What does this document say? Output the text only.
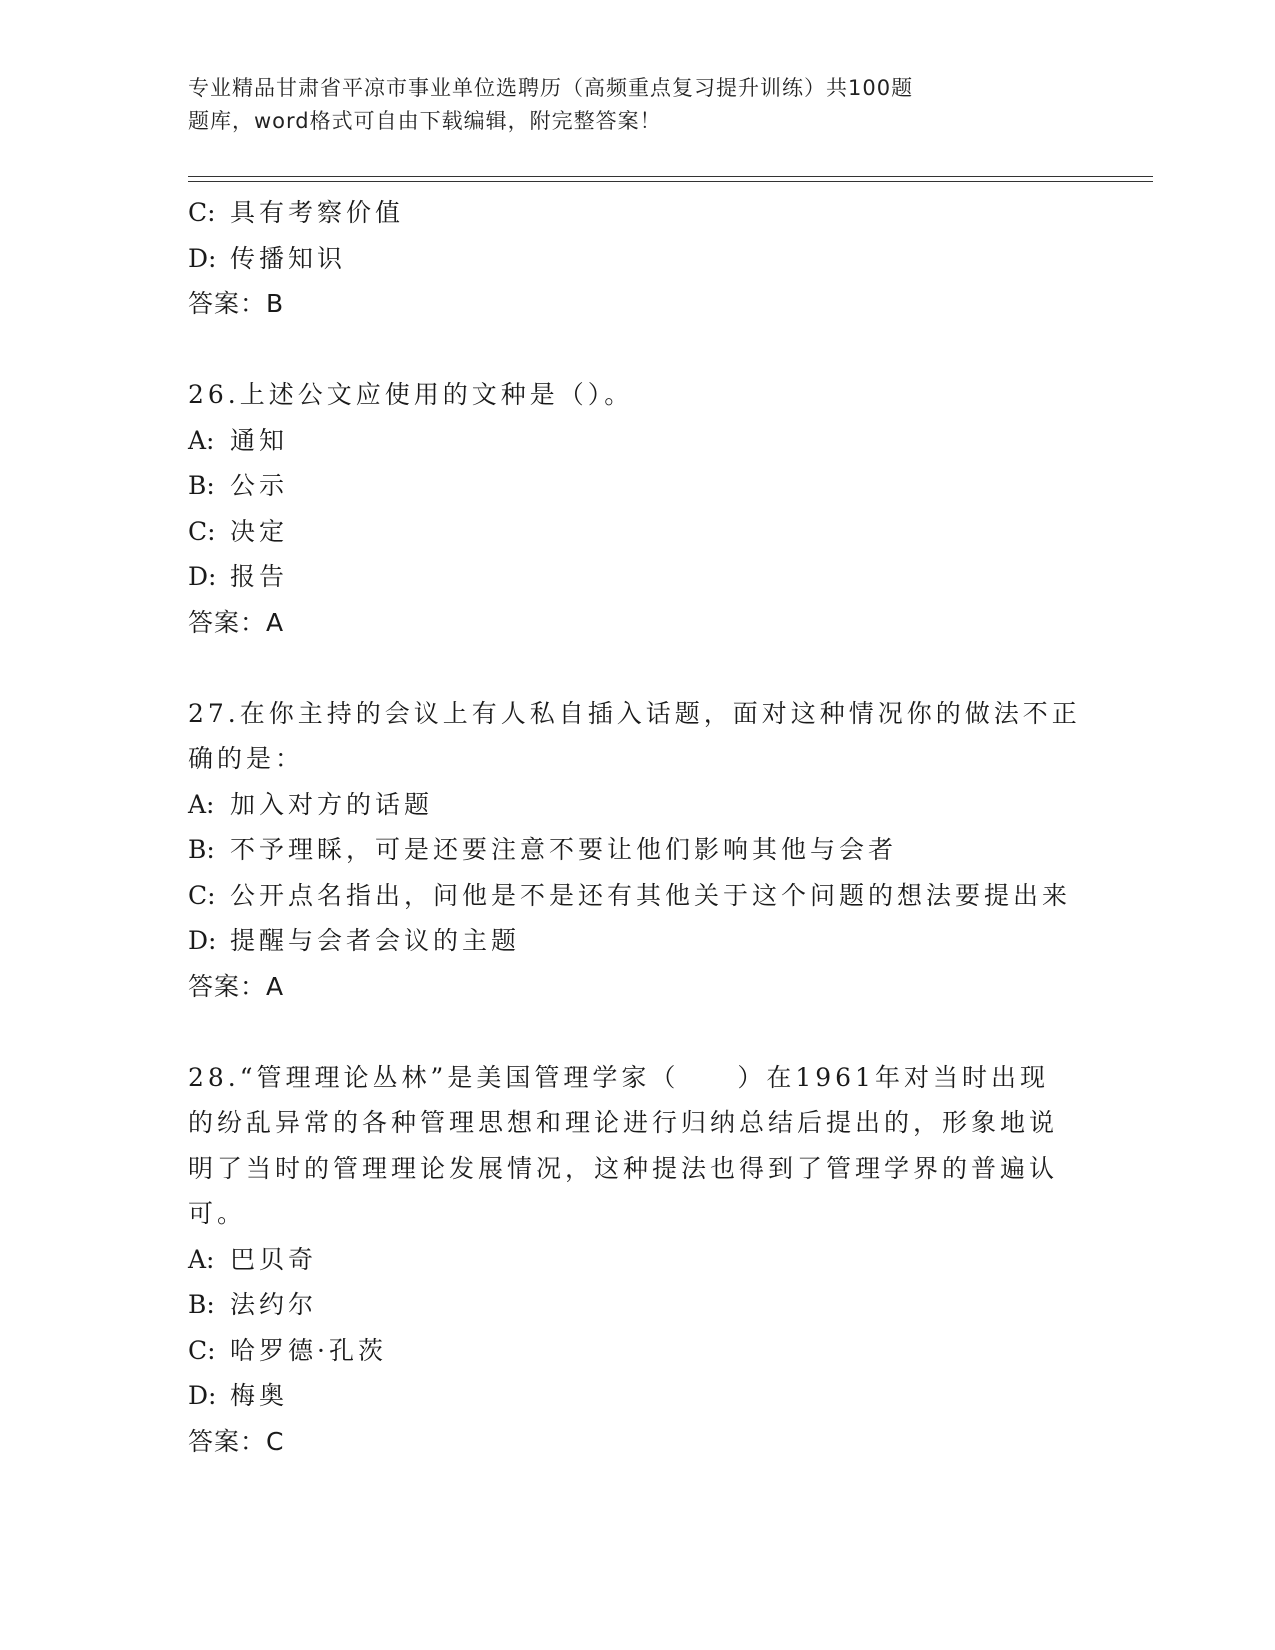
专业精品甘肃省平凉市事业单位选聘历（高频重点复习提升训练）共100题
题库，word格式可自由下载编辑，附完整答案！
C: 具有考察价值
D: 传播知识
答案：B
26.上述公文应使用的文种是（）。
A: 通知
B: 公示
C: 决定
D: 报告
答案：A
27.在你主持的会议上有人私自插入话题，面对这种情况你的做法不正
确的是：
A: 加入对方的话题
B: 不予理睬，可是还要注意不要让他们影响其他与会者
C: 公开点名指出，问他是不是还有其他关于这个问题的想法要提出来
D: 提醒与会者会议的主题
答案：A
28.“管理理论丛林”是美国管理学家（　　）在1961年对当时出现
的纷乱异常的各种管理思想和理论进行归纳总结后提出的，形象地说
明了当时的管理理论发展情况，这种提法也得到了管理学界的普遍认
可。
A: 巴贝奇
B: 法约尔
C: 哈罗德·孔茨
D: 梅奥
答案：C
